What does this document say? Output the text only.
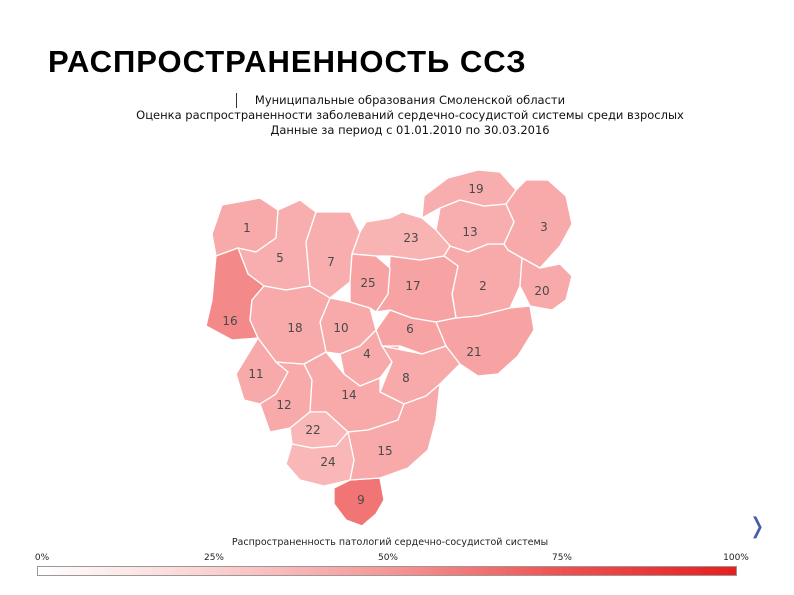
РАСПРОСТРАНЕННОСТЬ ССЗ
Муниципальные образования Смоленской области
Оценка распространенности заболеваний сердечно-сосудистой системы среди взрослых
Данные за период с 01.01.2010 по 30.03.2016
1
2
3
4
5
6
7
8
9
10
11
12
13
14
15
16
17
18
19
20
21
22
23
24
25
Распространенность патологий сердечно-сосудистой системы
0%	25%	50%	75%	100%
❭
